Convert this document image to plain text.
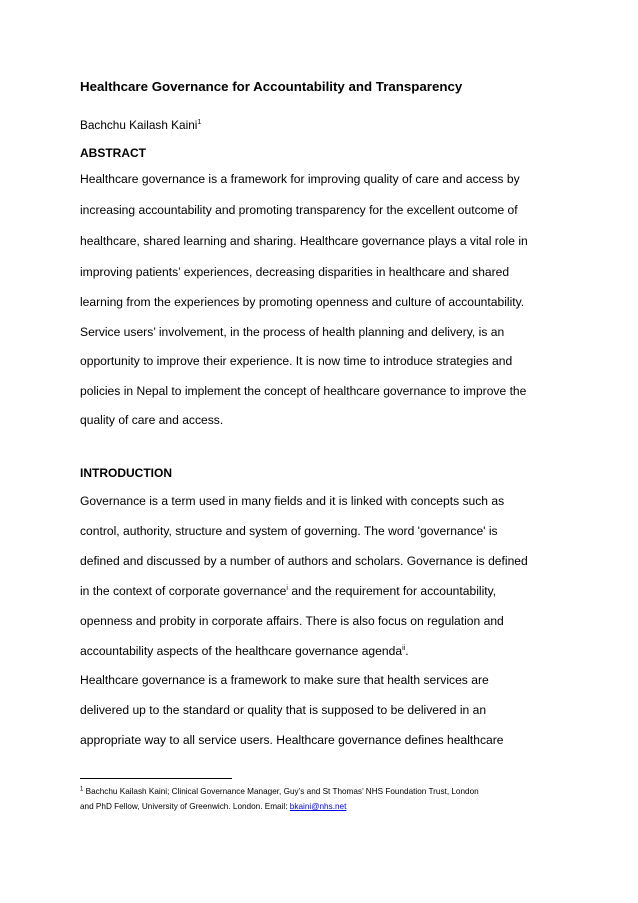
Healthcare Governance for Accountability and Transparency
Bachchu Kailash Kaini$^1$
ABSTRACT
Healthcare governance is a framework for improving quality of care and access by
increasing accountability and promoting transparency for the excellent outcome of
healthcare, shared learning and sharing. Healthcare governance plays a vital role in
improving patients’ experiences, decreasing disparities in healthcare and shared
learning from the experiences by promoting openness and culture of accountability.
Service users’ involvement, in the process of health planning and delivery, is an
opportunity to improve their experience. It is now time to introduce strategies and
policies in Nepal to implement the concept of healthcare governance to improve the
quality of care and access.
INTRODUCTION
Governance is a term used in many fields and it is linked with concepts such as
control, authority, structure and system of governing. The word 'governance' is
defined and discussed by a number of authors and scholars. Governance is defined
in the context of corporate governance$^i$ and the requirement for accountability,
openness and probity in corporate affairs. There is also focus on regulation and
accountability aspects of the healthcare governance agenda$^{ii}$.
Healthcare governance is a framework to make sure that health services are
delivered up to the standard or quality that is supposed to be delivered in an
appropriate way to all service users. Healthcare governance defines healthcare
$^1$ Bachchu Kailash Kaini; Clinical Governance Manager, Guy’s and St Thomas’ NHS Foundation Trust, London
and PhD Fellow, University of Greenwich. London. Email: bkaini@nhs.net
